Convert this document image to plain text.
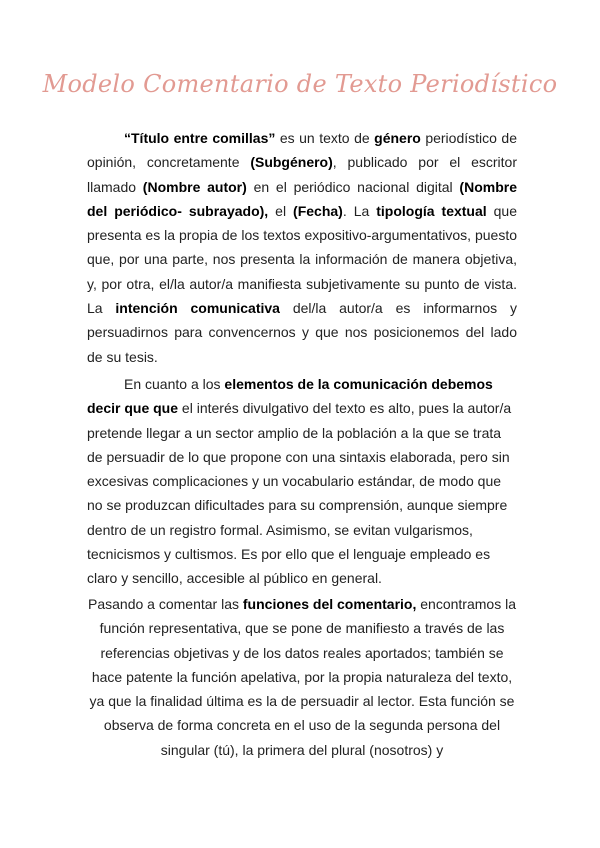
Modelo Comentario de Texto Periodístico

“Título entre comillas” es un texto de género periodístico de opinión, concretamente (Subgénero), publicado por el escritor llamado (Nombre autor) en el periódico nacional digital (Nombre del periódico- subrayado), el (Fecha). La tipología textual que presenta es la propia de los textos expositivo-argumentativos, puesto que, por una parte, nos presenta la información de manera objetiva, y, por otra, el/la autor/a manifiesta subjetivamente su punto de vista. La intención comunicativa del/la autor/a es informarnos y persuadirnos para convencernos y que nos posicionemos del lado de su tesis.

En cuanto a los elementos de la comunicación debemos decir que que el interés divulgativo del texto es alto, pues la autor/a pretende llegar a un sector amplio de la población a la que se trata de persuadir de lo que propone con una sintaxis elaborada, pero sin excesivas complicaciones y un vocabulario estándar, de modo que no se produzcan dificultades para su comprensión, aunque siempre dentro de un registro formal. Asimismo, se evitan vulgarismos, tecnicismos y cultismos. Es por ello que el lenguaje empleado es claro y sencillo, accesible al público en general.

Pasando a comentar las funciones del comentario, encontramos la función representativa, que se pone de manifiesto a través de las referencias objetivas y de los datos reales aportados; también se hace patente la función apelativa, por la propia naturaleza del texto, ya que la finalidad última es la de persuadir al lector. Esta función se observa de forma concreta en el uso de la segunda persona del singular (tú), la primera del plural (nosotros) y
